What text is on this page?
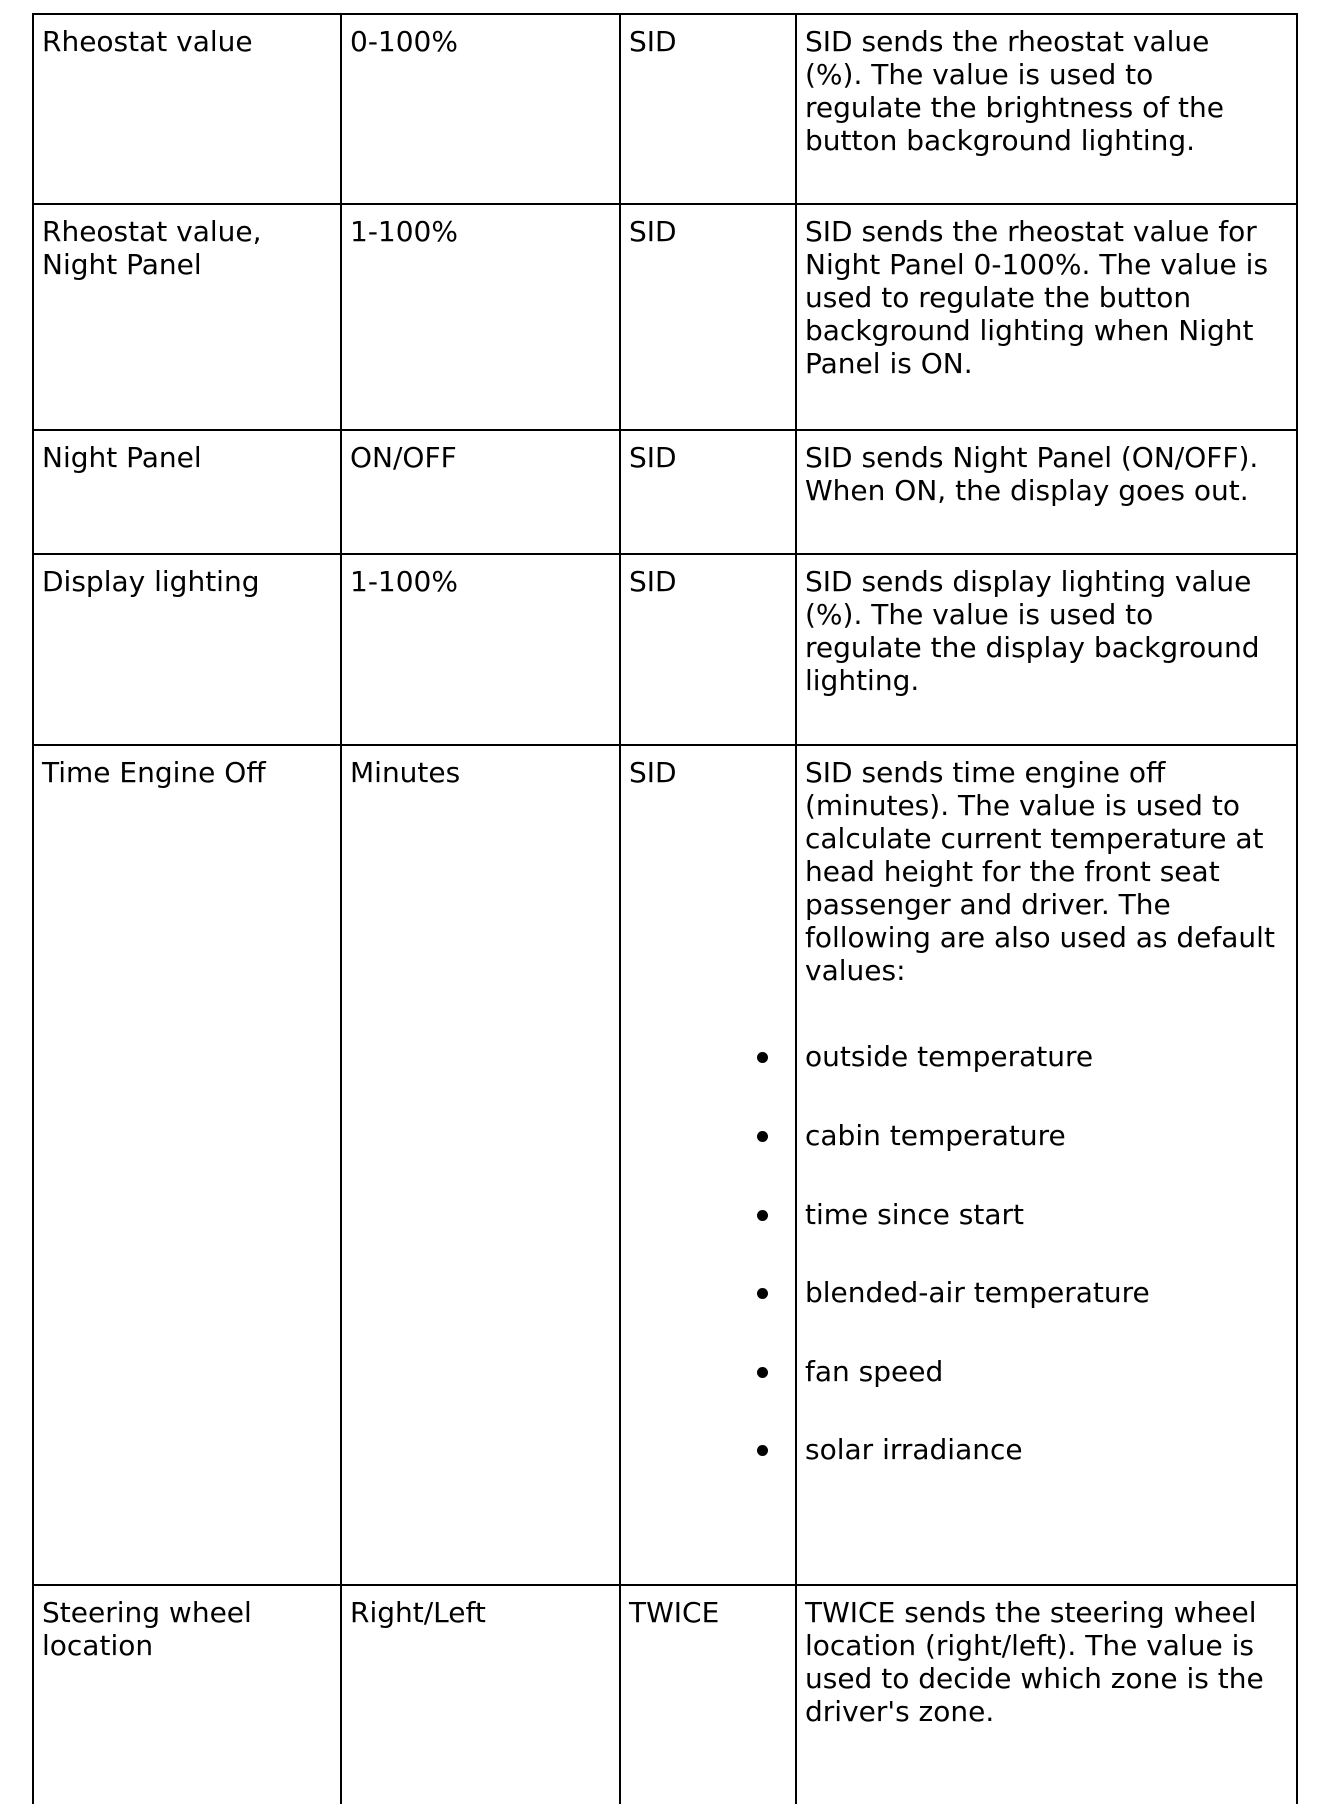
Rheostat value	0-100%	SID	SID sends the rheostat value
(%). The value is used to
regulate the brightness of the
button background lighting.
Rheostat value,
Night Panel
1-100%	SID	SID sends the rheostat value for
Night Panel 0-100%. The value is
used to regulate the button
background lighting when Night
Panel is ON.
Night Panel	ON/OFF	SID	SID sends Night Panel (ON/OFF).
When ON, the display goes out.
Display lighting	1-100%	SID	SID sends display lighting value
(%). The value is used to
regulate the display background
lighting.
Time Engine Off	Minutes	SID	SID sends time engine off
(minutes). The value is used to
calculate current temperature at
head height for the front seat
passenger and driver. The
following are also used as default
values:
outside temperature
cabin temperature
time since start
blended-air temperature
fan speed
solar irradiance
Steering wheel
location
Right/Left	TWICE	TWICE sends the steering wheel
location (right/left). The value is
used to decide which zone is the
driver's zone.
